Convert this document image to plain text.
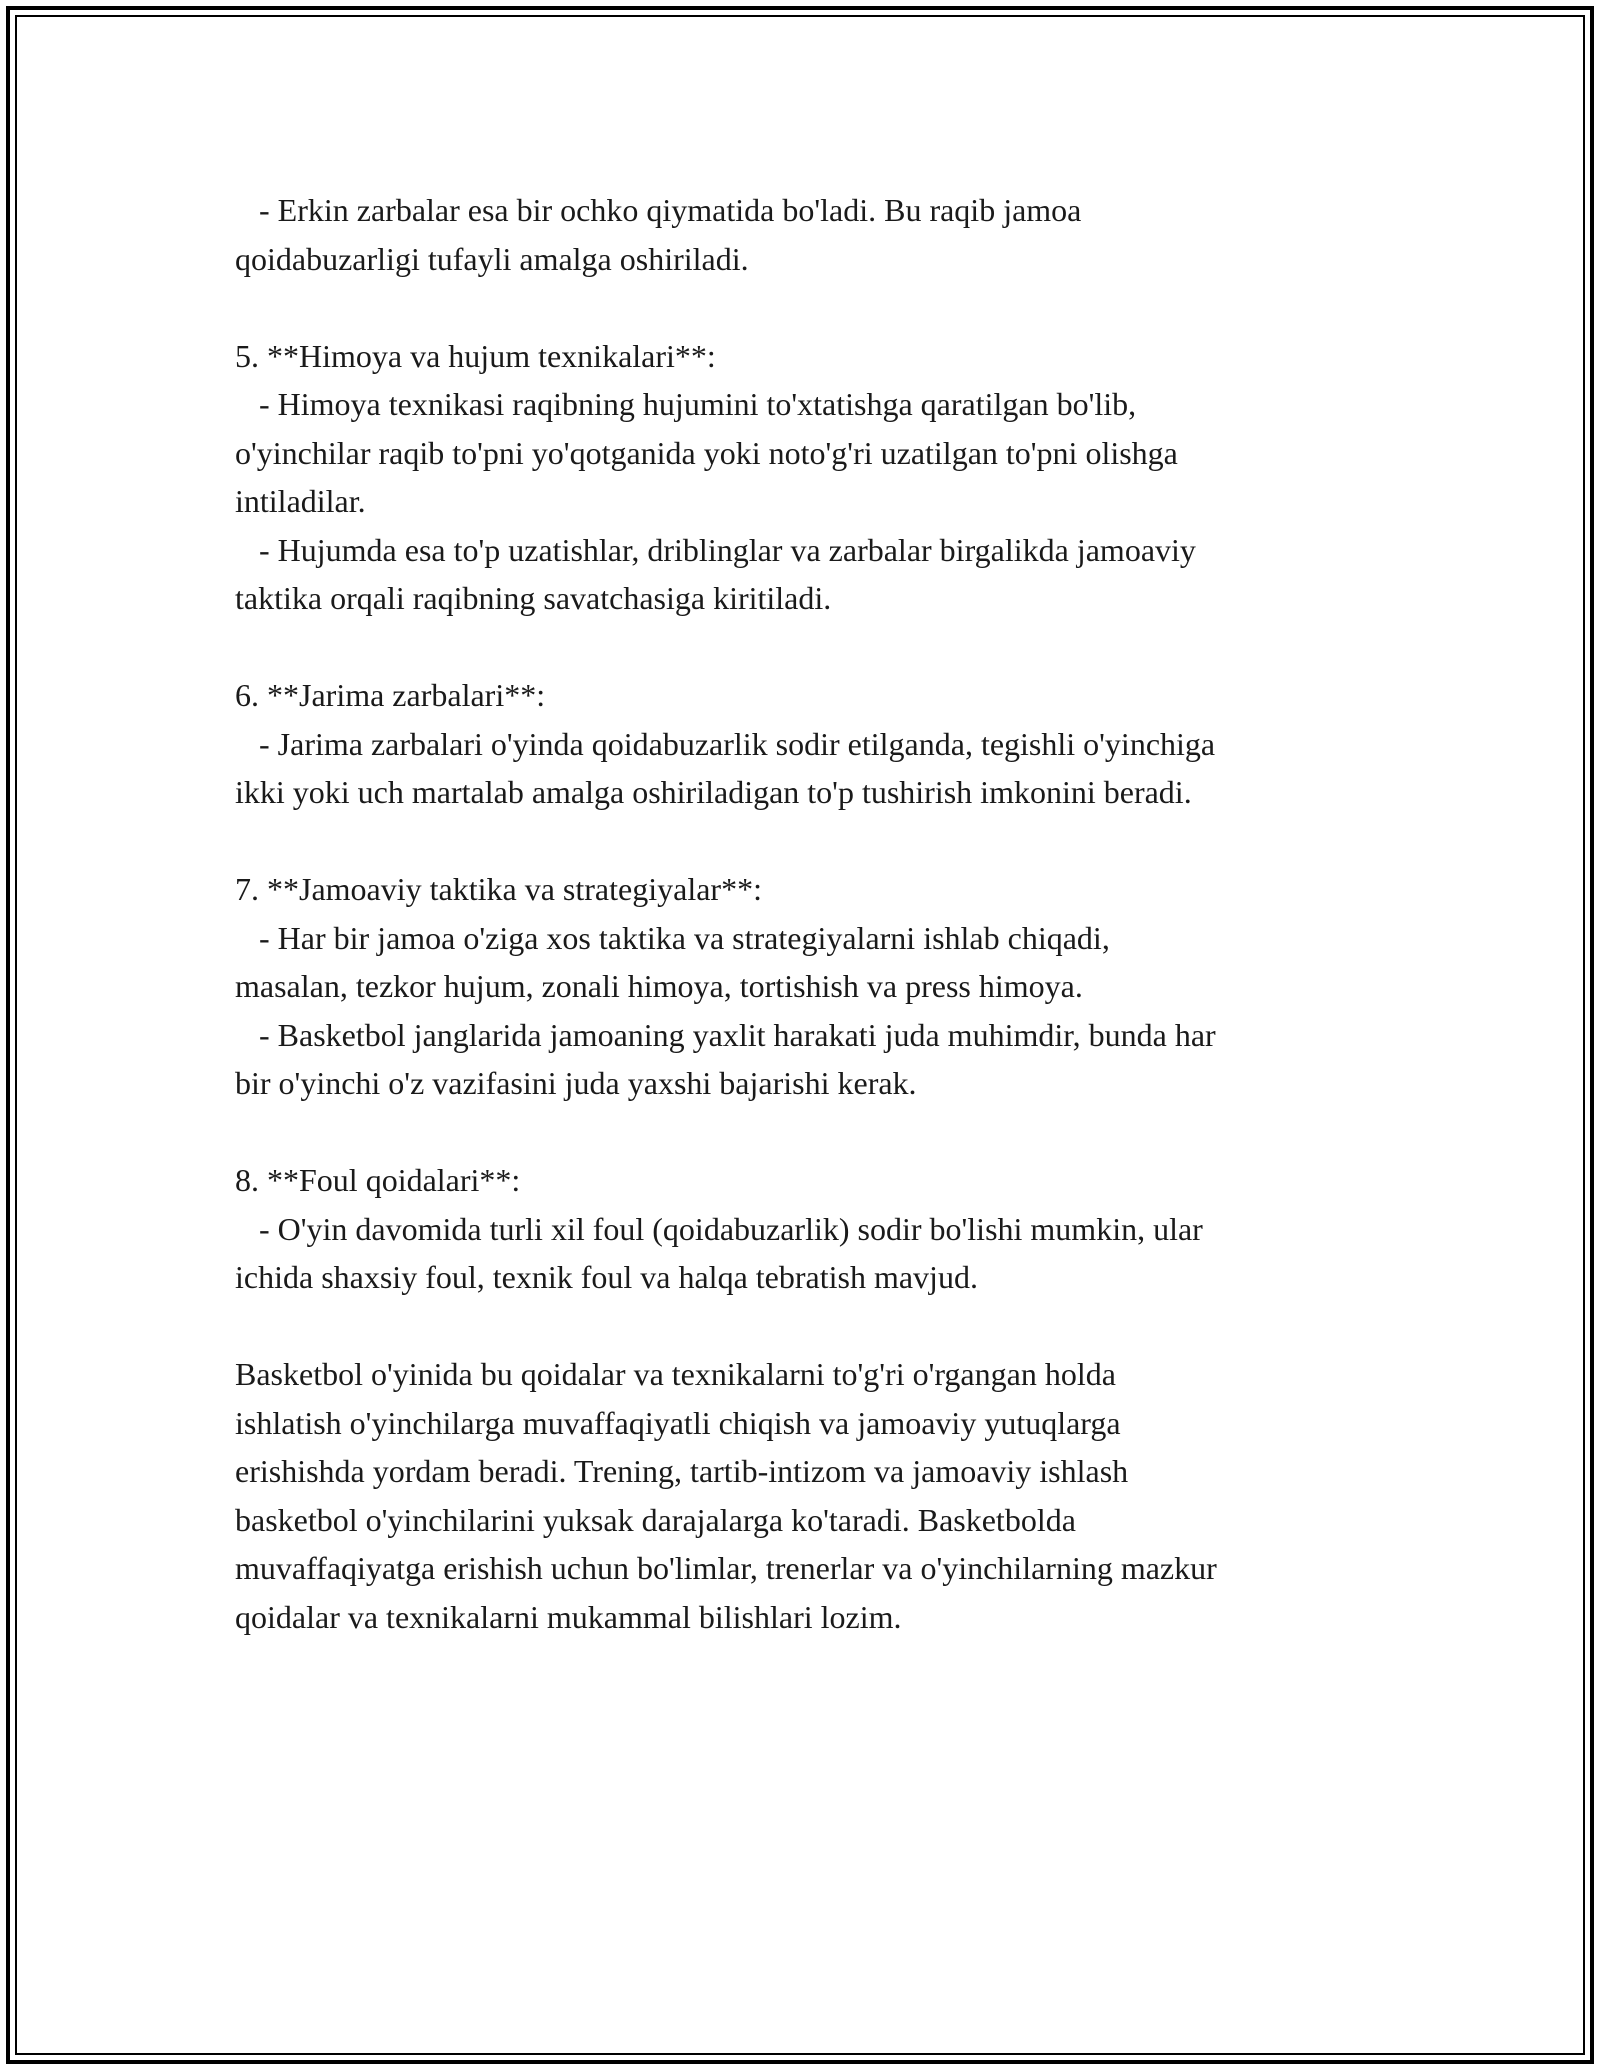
- Erkin zarbalar esa bir ochko qiymatida bo'ladi. Bu raqib jamoa
qoidabuzarligi tufayli amalga oshiriladi.
5. **Himoya va hujum texnikalari**:
- Himoya texnikasi raqibning hujumini to'xtatishga qaratilgan bo'lib,
o'yinchilar raqib to'pni yo'qotganida yoki noto'g'ri uzatilgan to'pni olishga
intiladilar.
- Hujumda esa to'p uzatishlar, driblinglar va zarbalar birgalikda jamoaviy
taktika orqali raqibning savatchasiga kiritiladi.
6. **Jarima zarbalari**:
- Jarima zarbalari o'yinda qoidabuzarlik sodir etilganda, tegishli o'yinchiga
ikki yoki uch martalab amalga oshiriladigan to'p tushirish imkonini beradi.
7. **Jamoaviy taktika va strategiyalar**:
- Har bir jamoa o'ziga xos taktika va strategiyalarni ishlab chiqadi,
masalan, tezkor hujum, zonali himoya, tortishish va press himoya.
- Basketbol janglarida jamoaning yaxlit harakati juda muhimdir, bunda har
bir o'yinchi o'z vazifasini juda yaxshi bajarishi kerak.
8. **Foul qoidalari**:
- O'yin davomida turli xil foul (qoidabuzarlik) sodir bo'lishi mumkin, ular
ichida shaxsiy foul, texnik foul va halqa tebratish mavjud.
Basketbol o'yinida bu qoidalar va texnikalarni to'g'ri o'rgangan holda
ishlatish o'yinchilarga muvaffaqiyatli chiqish va jamoaviy yutuqlarga
erishishda yordam beradi. Trening, tartib-intizom va jamoaviy ishlash
basketbol o'yinchilarini yuksak darajalarga ko'taradi. Basketbolda
muvaffaqiyatga erishish uchun bo'limlar, trenerlar va o'yinchilarning mazkur
qoidalar va texnikalarni mukammal bilishlari lozim.
